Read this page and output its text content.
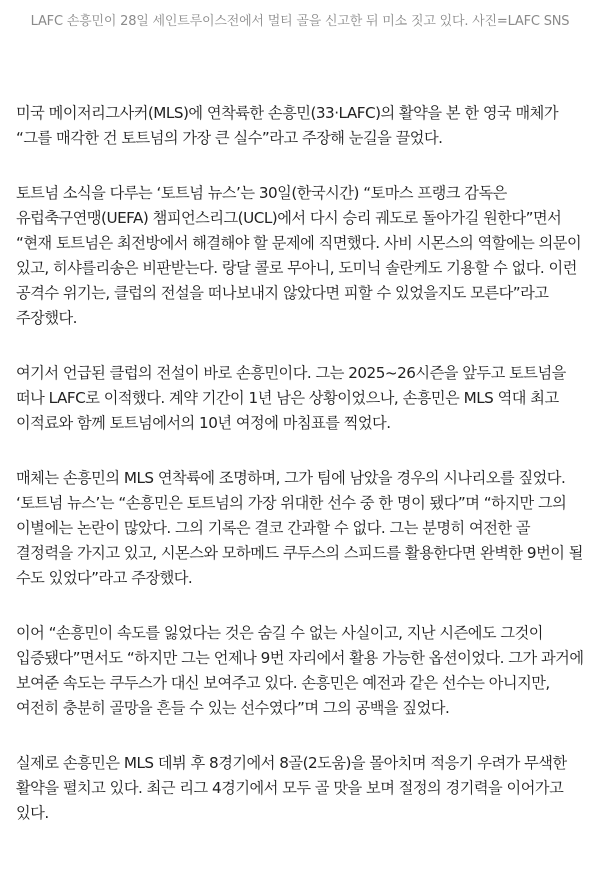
LAFC 손흥민이 28일 세인트루이스전에서 멀티 골을 신고한 뒤 미소 짓고 있다. 사진=LAFC SNS

미국 메이저리그사커(MLS)에 연착륙한 손흥민(33·LAFC)의 활약을 본 한 영국 매체가 “그를 매각한 건 토트넘의 가장 큰 실수”라고 주장해 눈길을 끌었다.

토트넘 소식을 다루는 ‘토트넘 뉴스’는 30일(한국시간) “토마스 프랭크 감독은 유럽축구연맹(UEFA) 챔피언스리그(UCL)에서 다시 승리 궤도로 돌아가길 원한다”면서 “현재 토트넘은 최전방에서 해결해야 할 문제에 직면했다. 사비 시몬스의 역할에는 의문이 있고, 히샤를리송은 비판받는다. 랑달 콜로 무아니, 도미닉 솔란케도 기용할 수 없다. 이런 공격수 위기는, 클럽의 전설을 떠나보내지 않았다면 피할 수 있었을지도 모른다”라고 주장했다.

여기서 언급된 클럽의 전설이 바로 손흥민이다. 그는 2025~26시즌을 앞두고 토트넘을 떠나 LAFC로 이적했다. 계약 기간이 1년 남은 상황이었으나, 손흥민은 MLS 역대 최고 이적료와 함께 토트넘에서의 10년 여정에 마침표를 찍었다.

매체는 손흥민의 MLS 연착륙에 조명하며, 그가 팀에 남았을 경우의 시나리오를 짚었다. ‘토트넘 뉴스’는 “손흥민은 토트넘의 가장 위대한 선수 중 한 명이 됐다”며 “하지만 그의 이별에는 논란이 많았다. 그의 기록은 결코 간과할 수 없다. 그는 분명히 여전한 골 결정력을 가지고 있고, 시몬스와 모하메드 쿠두스의 스피드를 활용한다면 완벽한 9번이 될 수도 있었다”라고 주장했다.

이어 “손흥민이 속도를 잃었다는 것은 숨길 수 없는 사실이고, 지난 시즌에도 그것이 입증됐다”면서도 “하지만 그는 언제나 9번 자리에서 활용 가능한 옵션이었다. 그가 과거에 보여준 속도는 쿠두스가 대신 보여주고 있다. 손흥민은 예전과 같은 선수는 아니지만, 여전히 충분히 골망을 흔들 수 있는 선수였다”며 그의 공백을 짚었다.

실제로 손흥민은 MLS 데뷔 후 8경기에서 8골(2도움)을 몰아치며 적응기 우려가 무색한 활약을 펼치고 있다. 최근 리그 4경기에서 모두 골 맛을 보며 절정의 경기력을 이어가고 있다.
